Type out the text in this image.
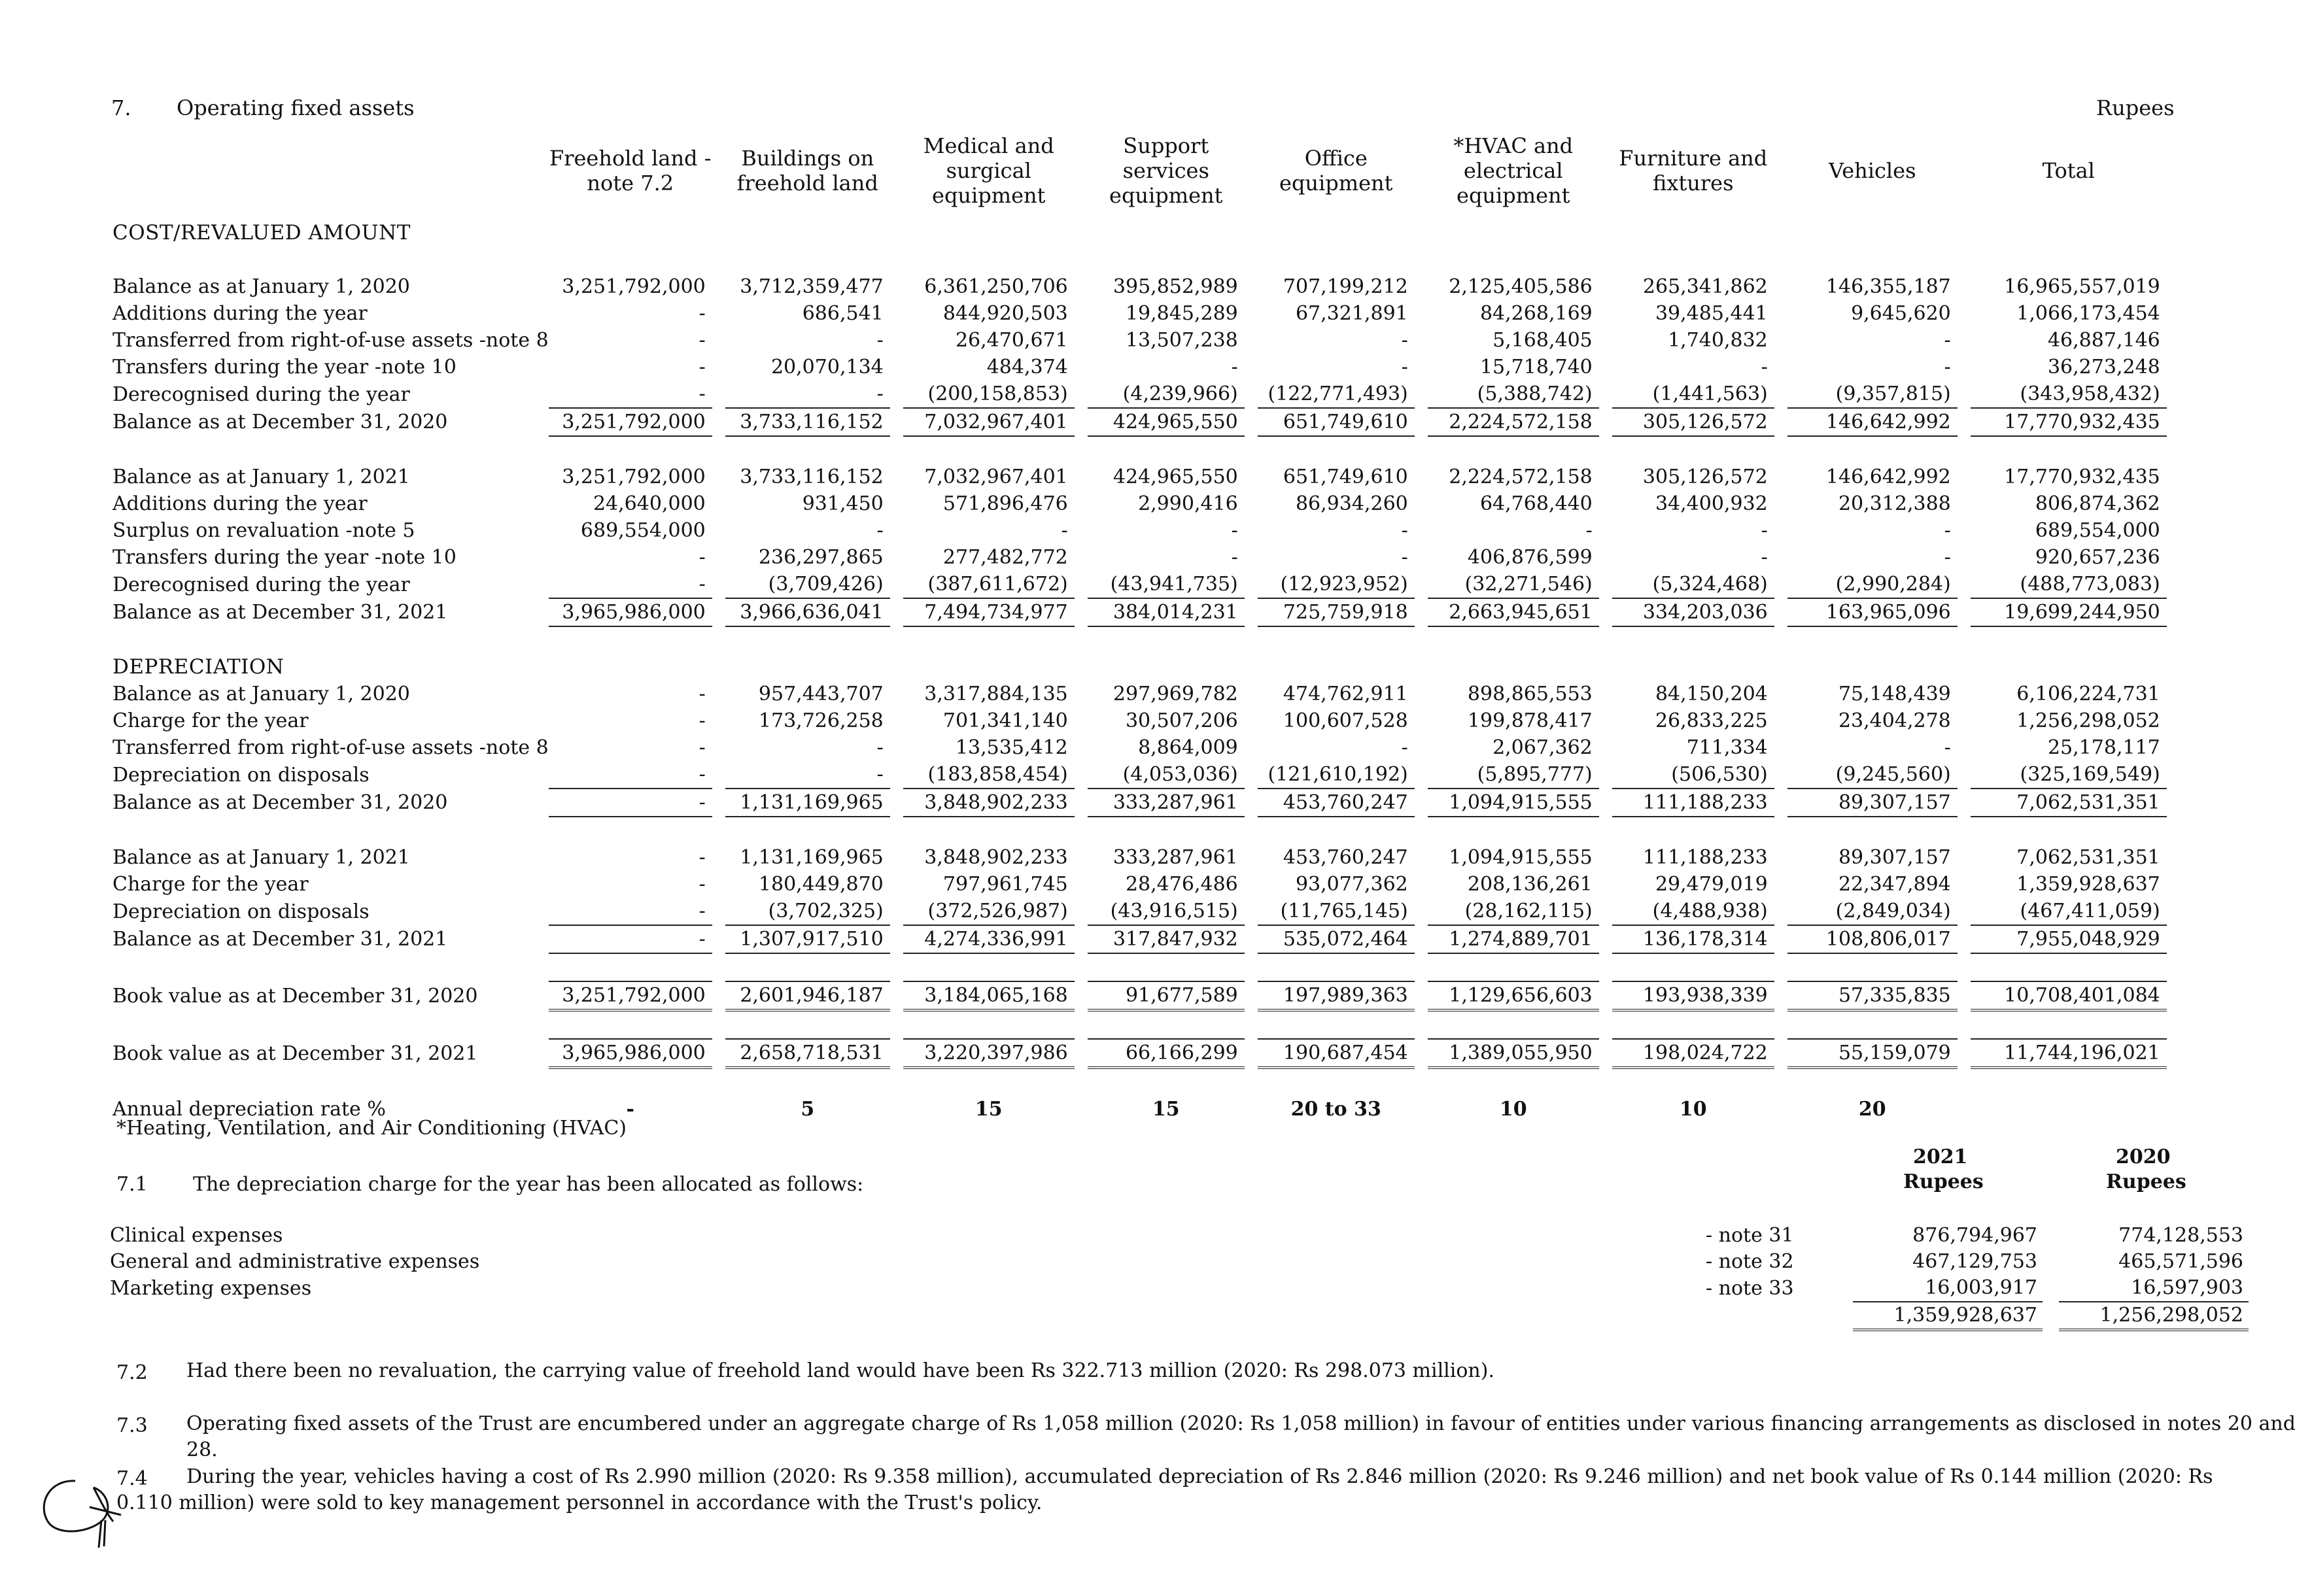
7. Operating fixed assets	Rupees
	Freehold land - note 7.2		Buildings on freehold land		Medical and surgical equipment		Support services equipment		Office equipment		*HVAC and electrical equipment		Furniture and fixtures		Vehicles		Total
COST/REVALUED AMOUNT																	

Balance as at January 1, 2020	3,251,792,000		3,712,359,477		6,361,250,706		395,852,989		707,199,212		2,125,405,586		265,341,862		146,355,187		16,965,557,019
Additions during the year	-		686,541		844,920,503		19,845,289		67,321,891		84,268,169		39,485,441		9,645,620		1,066,173,454
Transferred from right-of-use assets -note 8	-		-		26,470,671		13,507,238		-		5,168,405		1,740,832		-		46,887,146
Transfers during the year -note 10	-		20,070,134		484,374		-		-		15,718,740		-		-		36,273,248
Derecognised during the year	-		-		(200,158,853)		(4,239,966)		(122,771,493)		(5,388,742)		(1,441,563)		(9,357,815)		(343,958,432)
Balance as at December 31, 2020	3,251,792,000		3,733,116,152		7,032,967,401		424,965,550		651,749,610		2,224,572,158		305,126,572		146,642,992		17,770,932,435

Balance as at January 1, 2021	3,251,792,000		3,733,116,152		7,032,967,401		424,965,550		651,749,610		2,224,572,158		305,126,572		146,642,992		17,770,932,435
Additions during the year	24,640,000		931,450		571,896,476		2,990,416		86,934,260		64,768,440		34,400,932		20,312,388		806,874,362
Surplus on revaluation -note 5	689,554,000		-		-		-		-		-		-		-		689,554,000
Transfers during the year -note 10	-		236,297,865		277,482,772		-		-		406,876,599		-		-		920,657,236
Derecognised during the year	-		(3,709,426)		(387,611,672)		(43,941,735)		(12,923,952)		(32,271,546)		(5,324,468)		(2,990,284)		(488,773,083)
Balance as at December 31, 2021	3,965,986,000		3,966,636,041		7,494,734,977		384,014,231		725,759,918		2,663,945,651		334,203,036		163,965,096		19,699,244,950

DEPRECIATION																	
Balance as at January 1, 2020	-		957,443,707		3,317,884,135		297,969,782		474,762,911		898,865,553		84,150,204		75,148,439		6,106,224,731
Charge for the year	-		173,726,258		701,341,140		30,507,206		100,607,528		199,878,417		26,833,225		23,404,278		1,256,298,052
Transferred from right-of-use assets -note 8	-		-		13,535,412		8,864,009		-		2,067,362		711,334		-		25,178,117
Depreciation on disposals	-		-		(183,858,454)		(4,053,036)		(121,610,192)		(5,895,777)		(506,530)		(9,245,560)		(325,169,549)
Balance as at December 31, 2020	-		1,131,169,965		3,848,902,233		333,287,961		453,760,247		1,094,915,555		111,188,233		89,307,157		7,062,531,351

Balance as at January 1, 2021	-		1,131,169,965		3,848,902,233		333,287,961		453,760,247		1,094,915,555		111,188,233		89,307,157		7,062,531,351
Charge for the year	-		180,449,870		797,961,745		28,476,486		93,077,362		208,136,261		29,479,019		22,347,894		1,359,928,637
Depreciation on disposals	-		(3,702,325)		(372,526,987)		(43,916,515)		(11,765,145)		(28,162,115)		(4,488,938)		(2,849,034)		(467,411,059)
Balance as at December 31, 2021	-		1,307,917,510		4,274,336,991		317,847,932		535,072,464		1,274,889,701		136,178,314		108,806,017		7,955,048,929

Book value as at December 31, 2020	3,251,792,000		2,601,946,187		3,184,065,168		91,677,589		197,989,363		1,129,656,603		193,938,339		57,335,835		10,708,401,084

Book value as at December 31, 2021	3,965,986,000		2,658,718,531		3,220,397,986		66,166,299		190,687,454		1,389,055,950		198,024,722		55,159,079		11,744,196,021

Annual depreciation rate %	-		5		15		15		20 to 33		10		10		20		
*Heating, Ventilation, and Air Conditioning (HVAC)
7.1 The depreciation charge for the year has been allocated as follows:
2021	2020
Rupees	Rupees
Clinical expenses	- note 31	876,794,967		774,128,553
General and administrative expenses	- note 32	467,129,753		465,571,596
Marketing expenses	- note 33	16,003,917		16,597,903
		1,359,928,637		1,256,298,052
7.2 Had there been no revaluation, the carrying value of freehold land would have been Rs 322.713 million (2020: Rs 298.073 million).
7.3 Operating fixed assets of the Trust are encumbered under an aggregate charge of Rs 1,058 million (2020: Rs 1,058 million) in favour of entities under various financing arrangements as disclosed in notes 20 and 28.
7.4	During the year, vehicles having a cost of Rs 2.990 million (2020: Rs 9.358 million), accumulated depreciation of Rs 2.846 million (2020: Rs 9.246 million) and net book value of Rs 0.144 million (2020: Rs 0.110 million) were sold to key management personnel in accordance with the Trust's policy.
